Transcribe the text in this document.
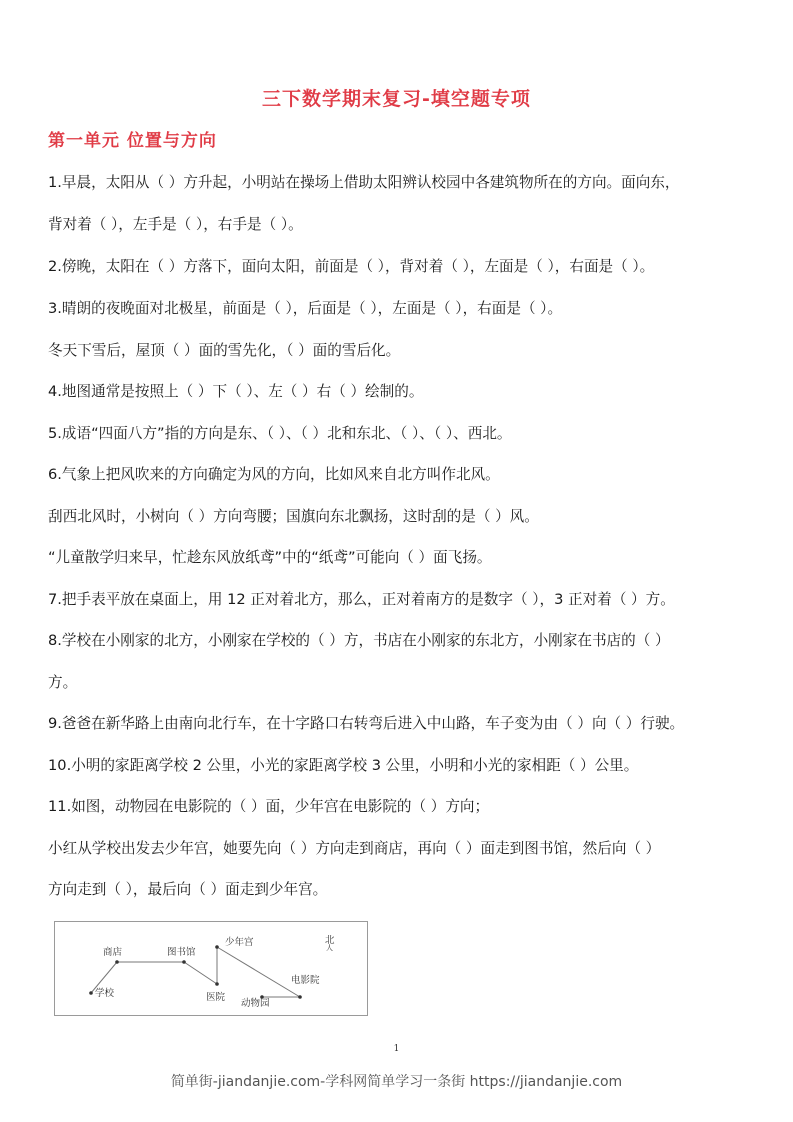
三下数学期末复习-填空题专项
第一单元 位置与方向
1.早晨，太阳从（ ）方升起，小明站在操场上借助太阳辨认校园中各建筑物所在的方向。面向东，
背对着（ ），左手是（ ），右手是（ ）。
2.傍晚，太阳在（ ）方落下，面向太阳，前面是（ ），背对着（ ），左面是（ ），右面是（ ）。
3.晴朗的夜晚面对北极星，前面是（ ），后面是（ ），左面是（ ），右面是（ ）。
冬天下雪后，屋顶（ ）面的雪先化，（ ）面的雪后化。
4.地图通常是按照上（ ）下（ ）、左（ ）右（ ）绘制的。
5.成语“四面八方”指的方向是东、（ ）、（ ）北和东北、（ ）、（ ）、西北。
6.气象上把风吹来的方向确定为风的方向，比如风来自北方叫作北风。
刮西北风时，小树向（ ）方向弯腰；国旗向东北飘扬，这时刮的是（ ）风。
“儿童散学归来早，忙趁东风放纸鸢”中的“纸鸢”可能向（ ）面飞扬。
7.把手表平放在桌面上，用 12 正对着北方，那么，正对着南方的是数字（ ），3 正对着（ ）方。
8.学校在小刚家的北方，小刚家在学校的（ ）方，书店在小刚家的东北方，小刚家在书店的（ ）
方。
9.爸爸在新华路上由南向北行车，在十字路口右转弯后进入中山路，车子变为由（ ）向（ ）行驶。
10.小明的家距离学校 2 公里，小光的家距离学校 3 公里，小明和小光的家相距（ ）公里。
11.如图，动物园在电影院的（ ）面，少年宫在电影院的（ ）方向；
小红从学校出发去少年宫，她要先向（ ）方向走到商店，再向（ ）面走到图书馆，然后向（ ）
方向走到（ ），最后向（ ）面走到少年宫。
学校
商店	图书馆
少年宫
医院
电影院
动物园
北
人
1
简单街-jiandanjie.com-学科网简单学习一条街 https://jiandanjie.com
